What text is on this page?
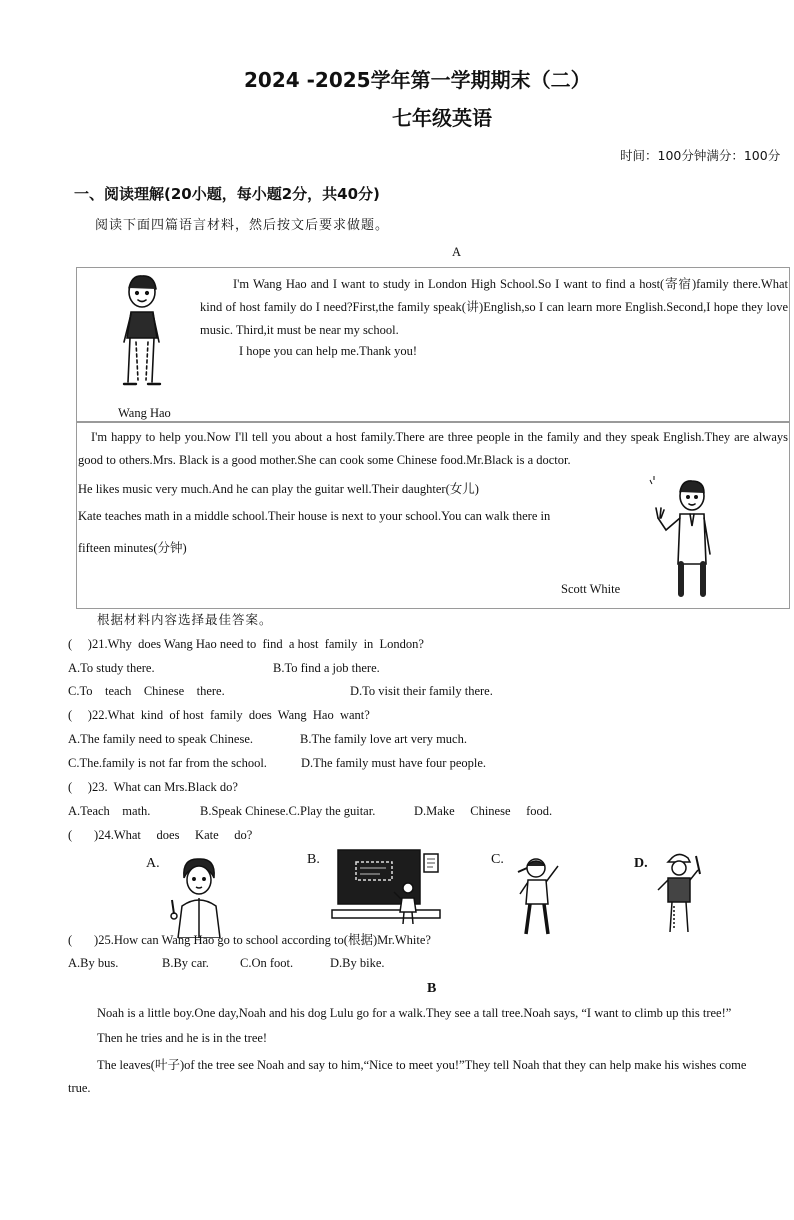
2024 -2025学年第一学期期末（二）
七年级英语
时间：100分钟满分：100分
一、阅读理解(20小题，每小题2分，共40分)
阅读下面四篇语言材料，然后按文后要求做题。
A
Wang Hao
I'm Wang Hao and I want to study in London High School.So I want to find a host(寄宿)family there.What kind of host family do I need?First,the family speak(讲)English,so I can learn more English.Second,I hope they love music. Third,it must be near my school.
I hope you can help me.Thank you!
I'm happy to help you.Now I'll tell you about a host family.There are three people in the family and they speak English.They are always good to others.Mrs. Black is a good mother.She can cook some Chinese food.Mr.Black is a doctor.
He likes music very much.And he can play the guitar well.Their daughter(女儿)
Kate teaches math in a middle school.Their house is next to your school.You can walk there in
fifteen minutes(分钟)
Scott White
根据材料内容选择最佳答案。
(     )21.Why  does Wang Hao need to  find  a host  family  in  London?
A.To study there.	B.To find a job there.
C.To    teach    Chinese    there.	D.To visit their family there.
(     )22.What  kind  of host  family  does  Wang  Hao  want?
A.The family need to speak Chinese.	B.The family love art very much.
C.The.family is not far from the school.	D.The family must have four people.
(     )23.  What can Mrs.Black do?
A.Teach    math.	B.Speak Chinese.C.Play the guitar.	D.Make     Chinese     food.
(       )24.What     does     Kate     do?
A.	B.	C.	D.
(       )25.How can Wang Hao go to school according to(根据)Mr.White?
A.By bus.	B.By car. C.On foot.	D.By bike.
B
Noah is a little boy.One day,Noah and his dog Lulu go for a walk.They see a tall tree.Noah says, “I want to climb up this tree!”
Then he tries and he is in the tree!
The leaves(叶子)of the tree see Noah and say to him,“Nice to meet you!”They tell Noah that they can help make his wishes come
true.
